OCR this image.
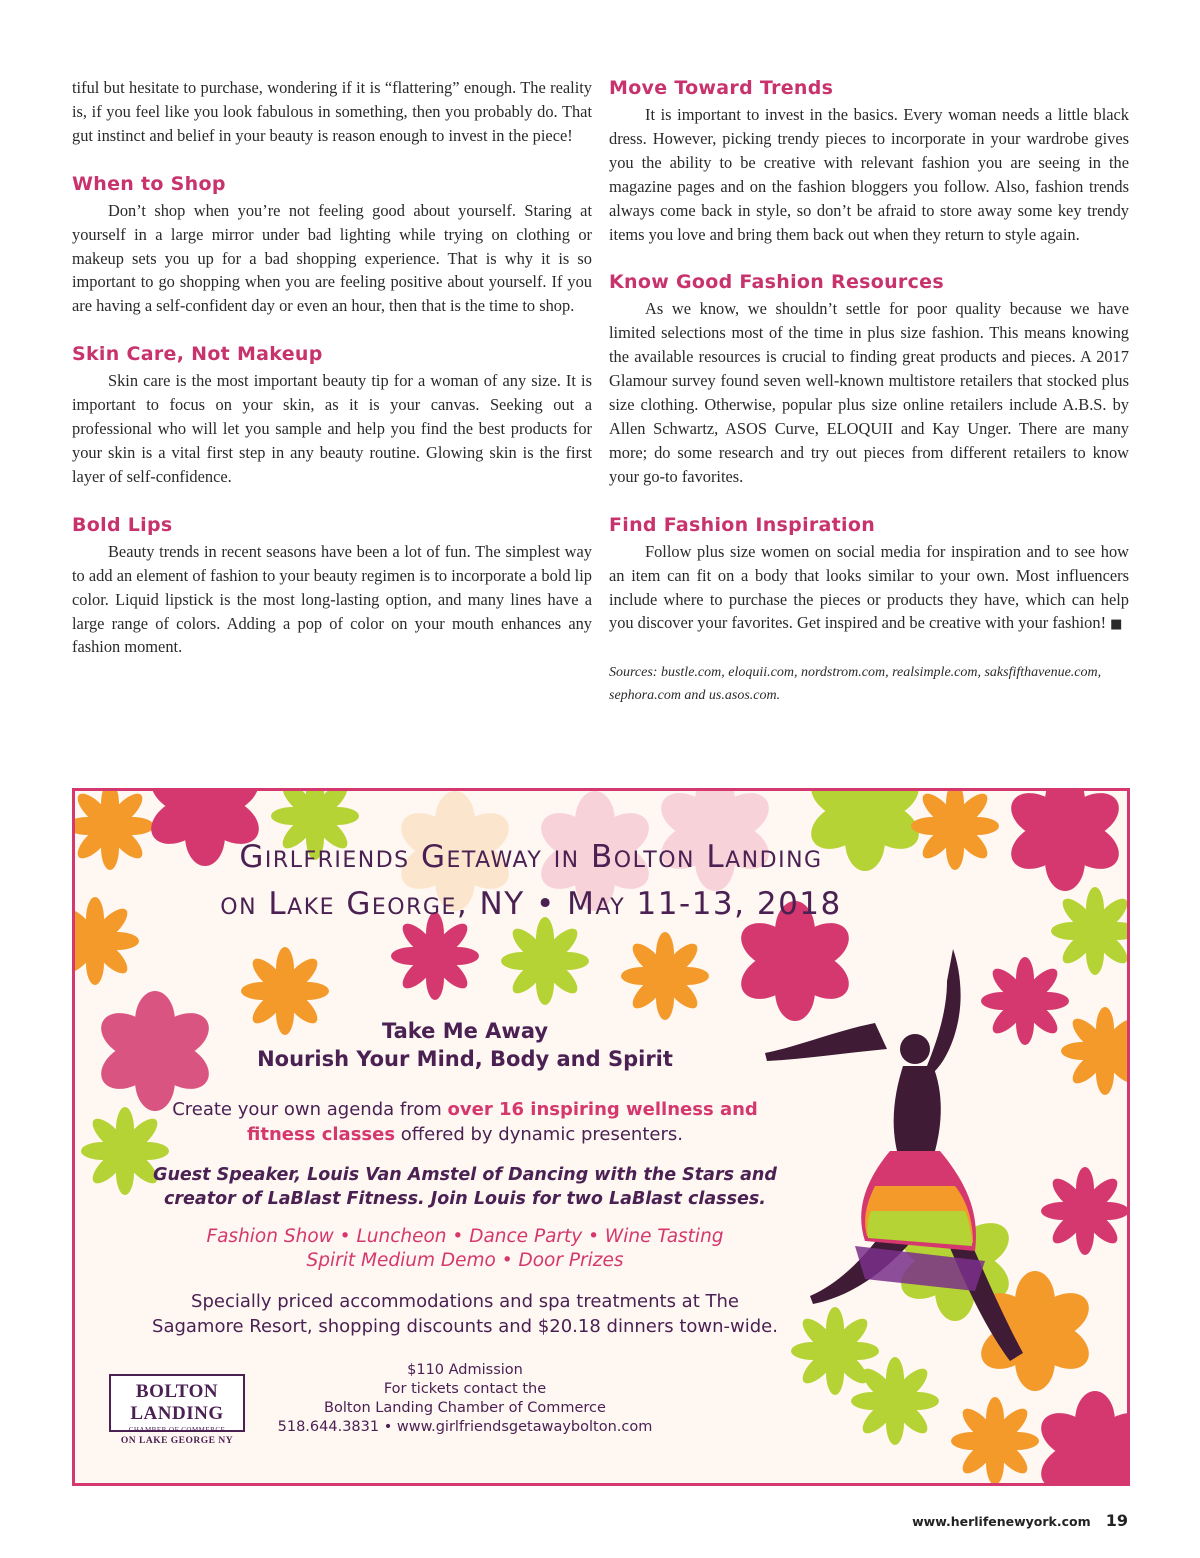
tiful but hesitate to purchase, wondering if it is “flattering” enough. The reality is, if you feel like you look fabulous in something, then you probably do. That gut instinct and belief in your beauty is reason enough to invest in the piece!

When to Shop

Don’t shop when you’re not feeling good about yourself. Staring at yourself in a large mirror under bad lighting while trying on clothing or makeup sets you up for a bad shopping experience. That is why it is so important to go shopping when you are feeling positive about yourself. If you are having a self-confident day or even an hour, then that is the time to shop.

Skin Care, Not Makeup

Skin care is the most important beauty tip for a woman of any size. It is important to focus on your skin, as it is your canvas. Seeking out a professional who will let you sample and help you find the best products for your skin is a vital first step in any beauty routine. Glowing skin is the first layer of self-confidence.

Bold Lips

Beauty trends in recent seasons have been a lot of fun. The simplest way to add an element of fashion to your beauty regimen is to incorporate a bold lip color. Liquid lipstick is the most long-lasting option, and many lines have a large range of colors. Adding a pop of color on your mouth enhances any fashion moment.

Move Toward Trends

It is important to invest in the basics. Every woman needs a little black dress. However, picking trendy pieces to incorporate in your wardrobe gives you the ability to be creative with relevant fashion you are seeing in the magazine pages and on the fashion bloggers you follow. Also, fashion trends always come back in style, so don’t be afraid to store away some key trendy items you love and bring them back out when they return to style again.

Know Good Fashion Resources

As we know, we shouldn’t settle for poor quality because we have limited selections most of the time in plus size fashion. This means knowing the available resources is crucial to finding great products and pieces. A 2017 Glamour survey found seven well-known multistore retailers that stocked plus size clothing. Otherwise, popular plus size online retailers include A.B.S. by Allen Schwartz, ASOS Curve, ELOQUII and Kay Unger. There are many more; do some research and try out pieces from different retailers to know your go-to favorites.

Find Fashion Inspiration

Follow plus size women on social media for inspiration and to see how an item can fit on a body that looks similar to your own. Most influencers include where to purchase the pieces or products they have, which can help you discover your favorites. Get inspired and be creative with your fashion! ■

Sources: bustle.com, eloquii.com, nordstrom.com, realsimple.com, saksfifthavenue.com, sephora.com and us.asos.com.

Girlfriends Getaway in Bolton Landing
on Lake George, NY • May 11-13, 2018
Take Me Away
Nourish Your Mind, Body and Spirit
Create your own agenda from over 16 inspiring wellness and fitness classes offered by dynamic presenters.
Guest Speaker, Louis Van Amstel of Dancing with the Stars and
creator of LaBlast Fitness. Join Louis for two LaBlast classes.
Fashion Show • Luncheon • Dance Party • Wine Tasting
Spirit Medium Demo • Door Prizes
Specially priced accommodations and spa treatments at The
Sagamore Resort, shopping discounts and $20.18 dinners town-wide.
$110 Admission
For tickets contact the
Bolton Landing Chamber of Commerce
518.644.3831 • www.girlfriendsgetawaybolton.com
BOLTON LANDING
CHAMBER OF COMMERCE
ON LAKE GEORGE NY
www.herlifenewyork.com 19
